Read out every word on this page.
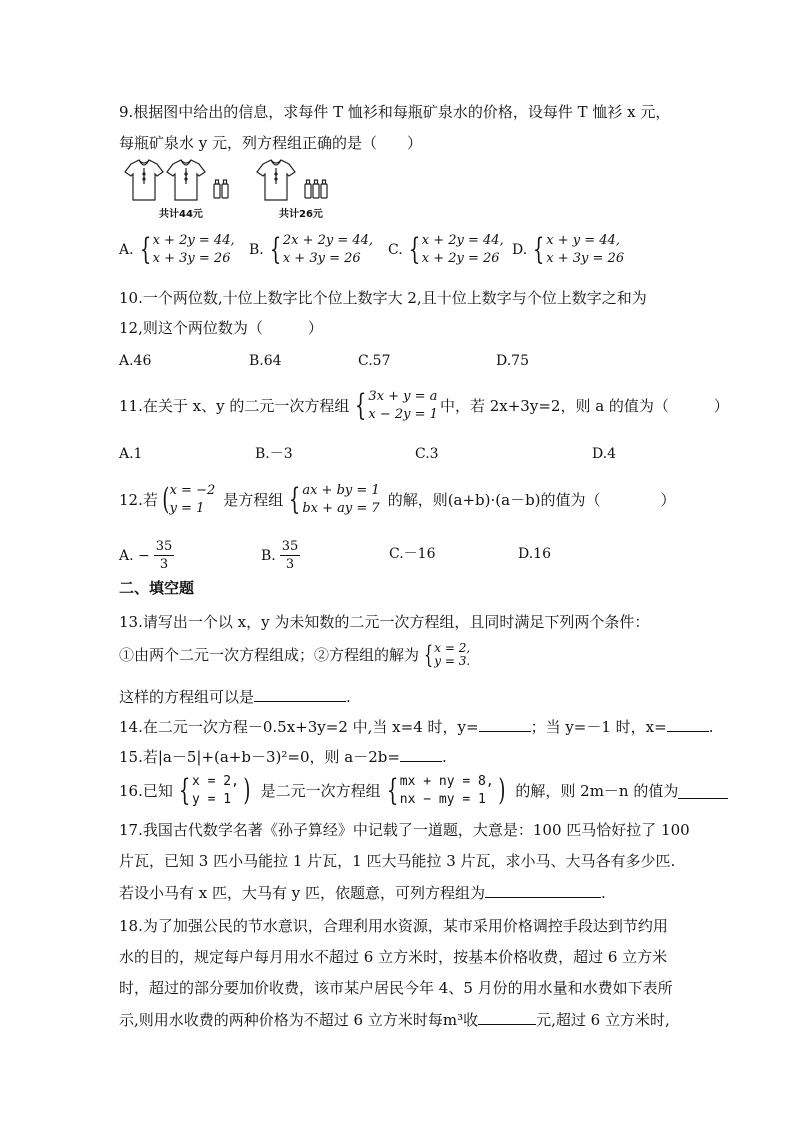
9.根据图中给出的信息，求每件 T 恤衫和每瓶矿泉水的价格，设每件 T 恤衫 x 元，
每瓶矿泉水 y 元，列方程组正确的是（　　）
共计44元	共计26元
A. { x + 2y = 44,
x + 3y = 26
B. { 2x + 2y = 44,
x + 3y = 26
C. { x + 2y = 44,
x + 2y = 26
D. { x + y = 44,
x + 3y = 26
10.一个两位数,十位上数字比个位上数字大 2,且十位上数字与个位上数字之和为
12,则这个两位数为（　　　）
A.46	B.64	C.57	D.75
11.在关于 x、y 的二元一次方程组 { 3x + y = a
x − 2y = 1 中，若 2x+3y=2，则 a 的值为（　　　）
A.1	B.－3	C.3	D.4
12.若 ( x = −2
y = 1	是方程组 { ax + by = 1
bx + ay = 7 的解，则(a+b)·(a－b)的值为（　　　　）
A. − $\frac{35}{3}$	B. $\frac{35}{3}$	C.－16	D.16
二、填空题
13.请写出一个以 x，y 为未知数的二元一次方程组，且同时满足下列两个条件：
①由两个二元一次方程组成；②方程组的解为 { x = 2,
y = 3.
这样的方程组可以是	.
14.在二元一次方程－0.5x+3y=2 中,当 x=4 时，y=	；当 y=－1 时，x=	.
15.若|a－5|+(a+b－3)²=0，则 a－2b=	.
16.已知 { x = 2,
y = 1 ) 是二元一次方程组 { mx + ny = 8,
nx − my = 1 ) 的解，则 2m－n 的值为
17.我国古代数学名著《孙子算经》中记载了一道题，大意是：100 匹马恰好拉了 100
片瓦，已知 3 匹小马能拉 1 片瓦，1 匹大马能拉 3 片瓦，求小马、大马各有多少匹.
若设小马有 x 匹，大马有 y 匹，依题意，可列方程组为	.
18.为了加强公民的节水意识，合理利用水资源，某市采用价格调控手段达到节约用
水的目的，规定每户每月用水不超过 6 立方米时，按基本价格收费，超过 6 立方米
时，超过的部分要加价收费，该市某户居民今年 4、5 月份的用水量和水费如下表所
示,则用水收费的两种价格为不超过 6 立方米时每m³收	元,超过 6 立方米时,
